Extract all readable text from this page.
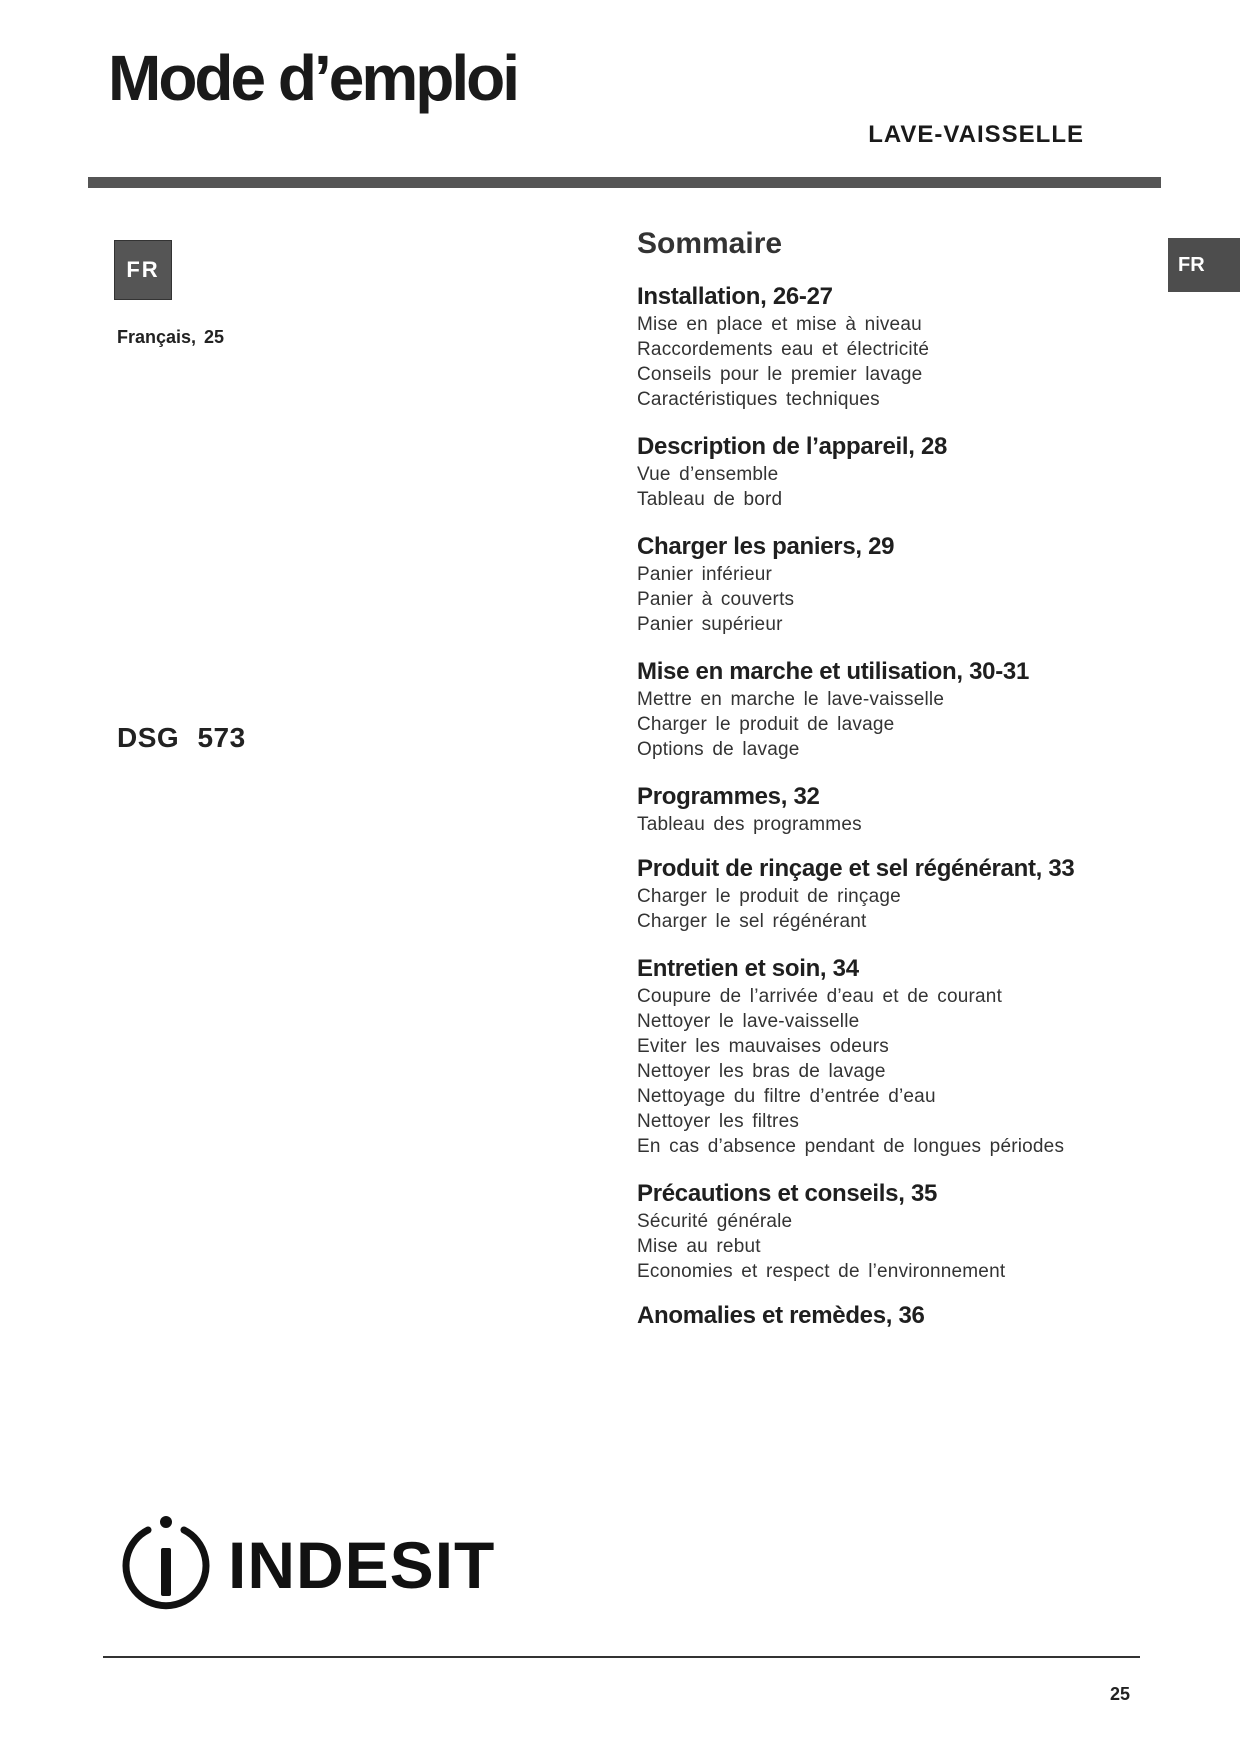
Mode d’emploi
LAVE-VAISSELLE
FR
Français, 25
FR
DSG 573
Sommaire
Installation, 26-27
Mise en place et mise à niveau
Raccordements eau et électricité
Conseils pour le premier lavage
Caractéristiques techniques
Description de l’appareil, 28
Vue d’ensemble
Tableau de bord
Charger les paniers, 29
Panier inférieur
Panier à couverts
Panier supérieur
Mise en marche et utilisation, 30-31
Mettre en marche le lave-vaisselle
Charger le produit de lavage
Options de lavage
Programmes, 32
Tableau des programmes
Produit de rinçage et sel régénérant, 33
Charger le produit de rinçage
Charger le sel régénérant
Entretien et soin, 34
Coupure de l’arrivée d’eau et de courant
Nettoyer le lave-vaisselle
Eviter les mauvaises odeurs
Nettoyer les bras de lavage
Nettoyage du filtre d’entrée d’eau
Nettoyer les filtres
En cas d’absence pendant de longues périodes
Précautions et conseils, 35
Sécurité générale
Mise au rebut
Economies et respect de l’environnement
Anomalies et remèdes, 36
INDESIT
25
